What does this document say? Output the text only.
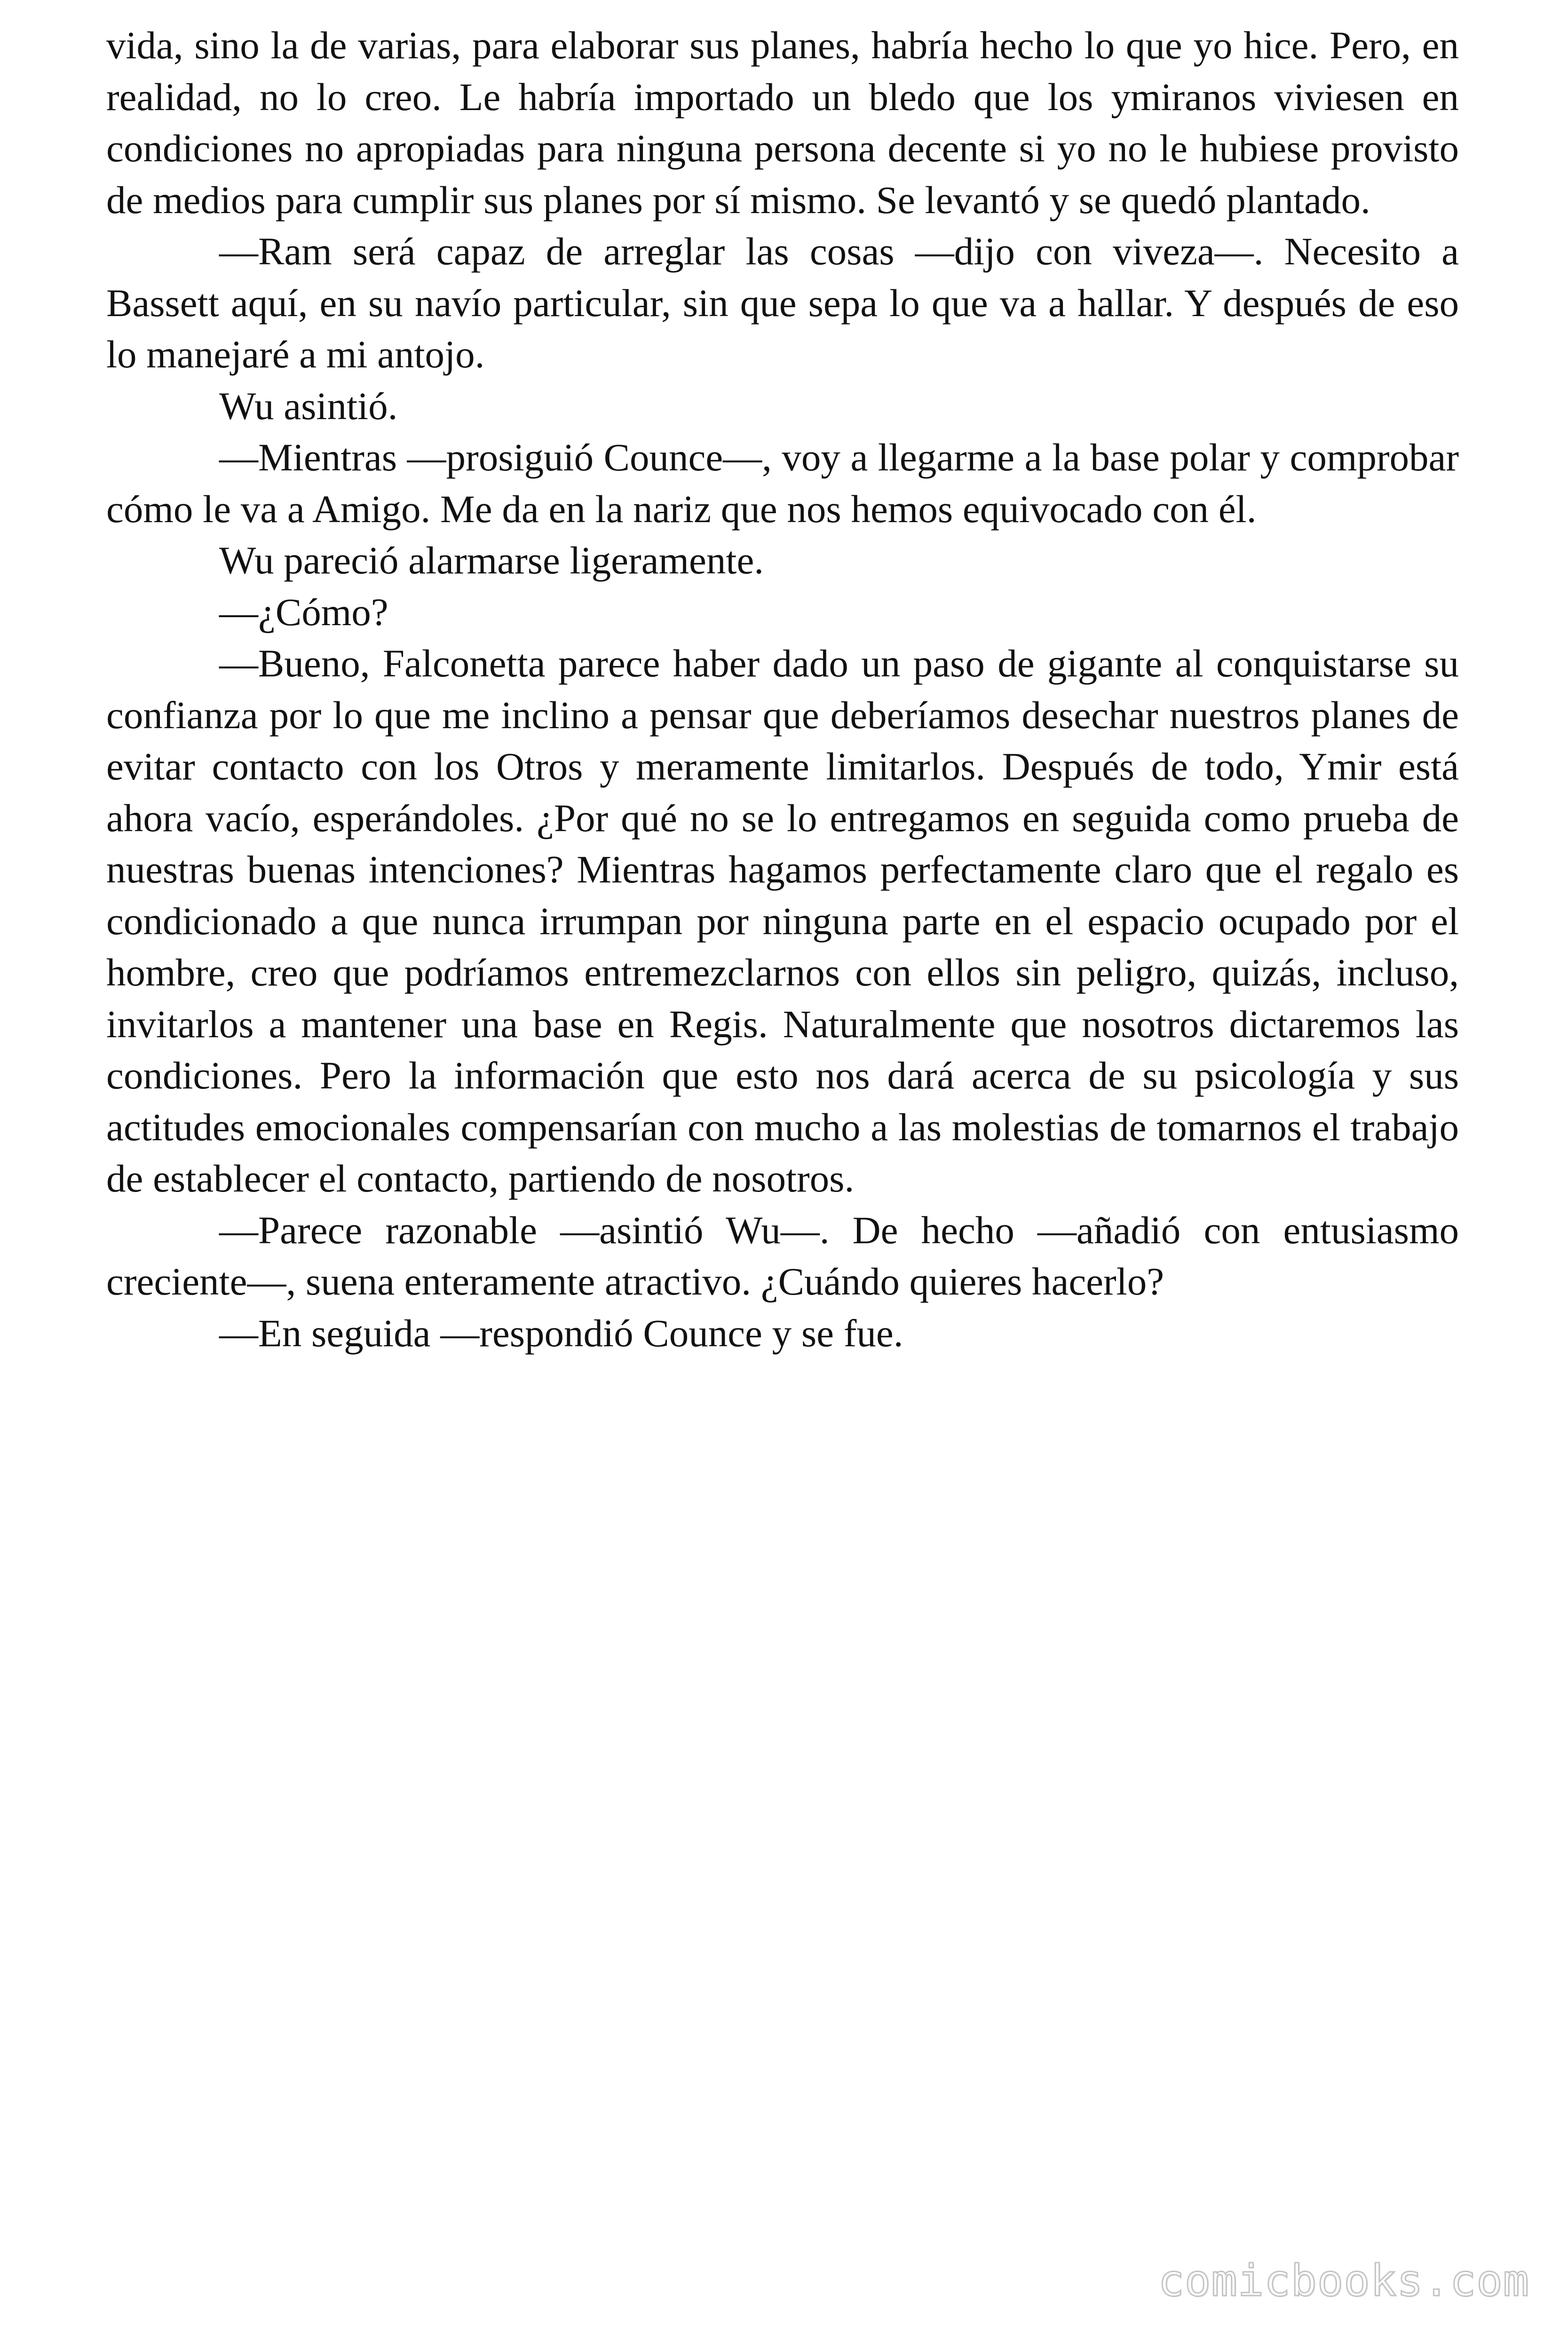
vida, sino la de varias, para elaborar sus planes, habría hecho lo que yo hice. Pero, en realidad, no lo creo. Le habría importado un bledo que los ymiranos viviesen en condiciones no apropiadas para ninguna persona decente si yo no le hubiese provisto de medios para cumplir sus planes por sí mismo. Se levantó y se quedó plantado.

—Ram será capaz de arreglar las cosas —dijo con viveza—. Necesito a Bassett aquí, en su navío particular, sin que sepa lo que va a hallar. Y después de eso lo manejaré a mi antojo.

Wu asintió.

—Mientras —prosiguió Counce—, voy a llegarme a la base polar y comprobar cómo le va a Amigo. Me da en la nariz que nos hemos equivocado con él.

Wu pareció alarmarse ligeramente.

—¿Cómo?

—Bueno, Falconetta parece haber dado un paso de gigante al conquistarse su confianza por lo que me inclino a pensar que deberíamos desechar nuestros planes de evitar contacto con los Otros y meramente limitarlos. Después de todo, Ymir está ahora vacío, esperándoles. ¿Por qué no se lo entregamos en seguida como prueba de nuestras buenas intenciones? Mientras hagamos perfectamente claro que el regalo es condicionado a que nunca irrumpan por ninguna parte en el espacio ocupado por el hombre, creo que podríamos entremezclarnos con ellos sin peligro, quizás, incluso, invitarlos a mantener una base en Regis. Naturalmente que nosotros dictaremos las condiciones. Pero la información que esto nos dará acerca de su psicología y sus actitudes emocionales compensarían con mucho a las molestias de tomarnos el trabajo de establecer el contacto, partiendo de nosotros.

—Parece razonable —asintió Wu—. De hecho —añadió con entusiasmo creciente—, suena enteramente atractivo. ¿Cuándo quieres hacerlo?

—En seguida —respondió Counce y se fue.

comicbooks.com
